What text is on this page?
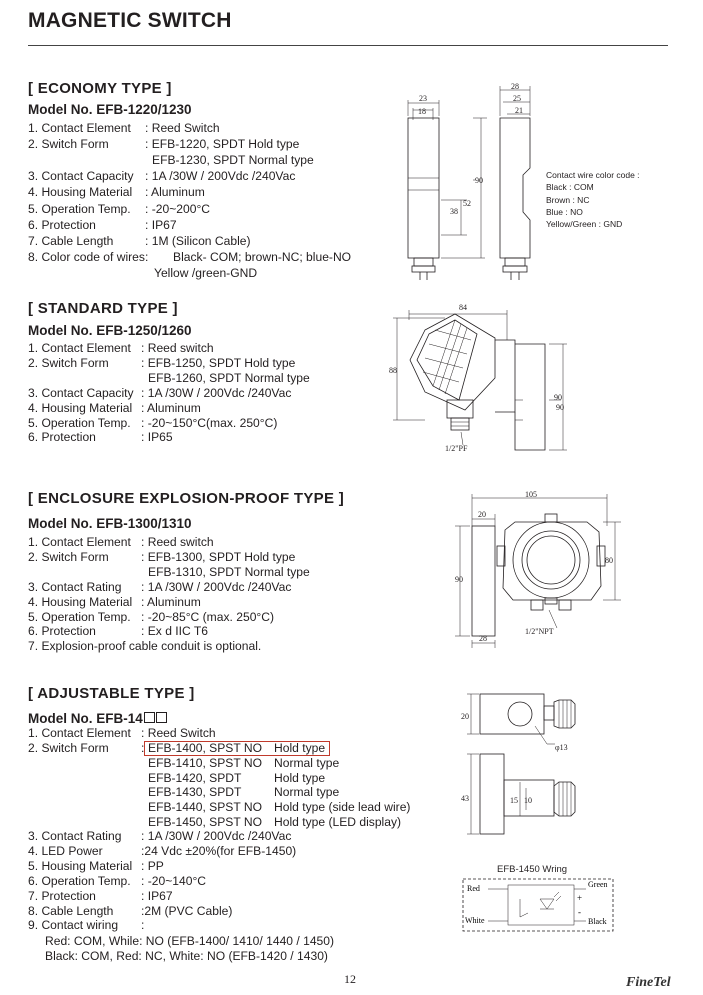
MAGNETIC SWITCH
[ ECONOMY TYPE ]
Model No. EFB-1220/1230
1. Contact Element : Reed Switch
2. Switch Form	: EFB-1220, SPDT Hold type
EFB-1230, SPDT Normal type
3. Contact Capacity : 1A /30W / 200Vdc /240Vac
4. Housing Material : Aluminum
5. Operation Temp. : -20~200°C
6. Protection	: IP67
7. Cable Length	: 1M (Silicon Cable)
8. Color code of wires: Black- COM; brown-NC; blue-NO
Yellow /green-GND
23
18
28
25
21
90
52
38
Contact wire color code :
Black : COM
Brown : NC
Blue : NO
Yellow/Green : GND
[ STANDARD TYPE ]
Model No. EFB-1250/1260
1. Contact Element : Reed switch
2. Switch Form	: EFB-1250, SPDT Hold type
EFB-1260, SPDT Normal type
3. Contact Capacity : 1A /30W / 200Vdc /240Vac
4. Housing Material : Aluminum
5. Operation Temp. : -20~150°C(max. 250°C)
6. Protection	: IP65
84
88
90
90
1/2"PF
[ ENCLOSURE EXPLOSION-PROOF TYPE ]
Model No. EFB-1300/1310
1. Contact Element : Reed switch
2. Switch Form	: EFB-1300, SPDT Hold type
EFB-1310, SPDT Normal type
3. Contact Rating : 1A /30W / 200Vdc /240Vac
4. Housing Material : Aluminum
5. Operation Temp. : -20~85°C (max. 250°C)
6. Protection	: Ex d IIC T6
7. Explosion-proof cable conduit is optional.
105
20
80
90
28
1/2"NPT
[ ADJUSTABLE TYPE ]
Model No. EFB-14
1. Contact Element : Reed Switch
2. Switch Form	: EFB-1400, SPST NO Hold type
EFB-1410, SPST NO Normal type
EFB-1420, SPDT	Hold type
EFB-1430, SPDT	Normal type
EFB-1440, SPST NO Hold type (side lead wire)
EFB-1450, SPST NO Hold type (LED display)
3. Contact Rating : 1A /30W / 200Vdc /240Vac
4. LED Power	:24 Vdc ±20%(for EFB-1450)
5. Housing Material : PP
6. Operation Temp. : -20~140°C
7. Protection	: IP67
8. Cable Length :2M (PVC Cable)
9. Contact wiring :
Red: COM, While: NO (EFB-1400/ 1410/ 1440 / 1450)
Black: COM, Red: NC, White: NO (EFB-1420 / 1430)
20
φ13
43	15 10
EFB-1450 Wring
Red
White
Green
Black
+
-
12	FineTel
